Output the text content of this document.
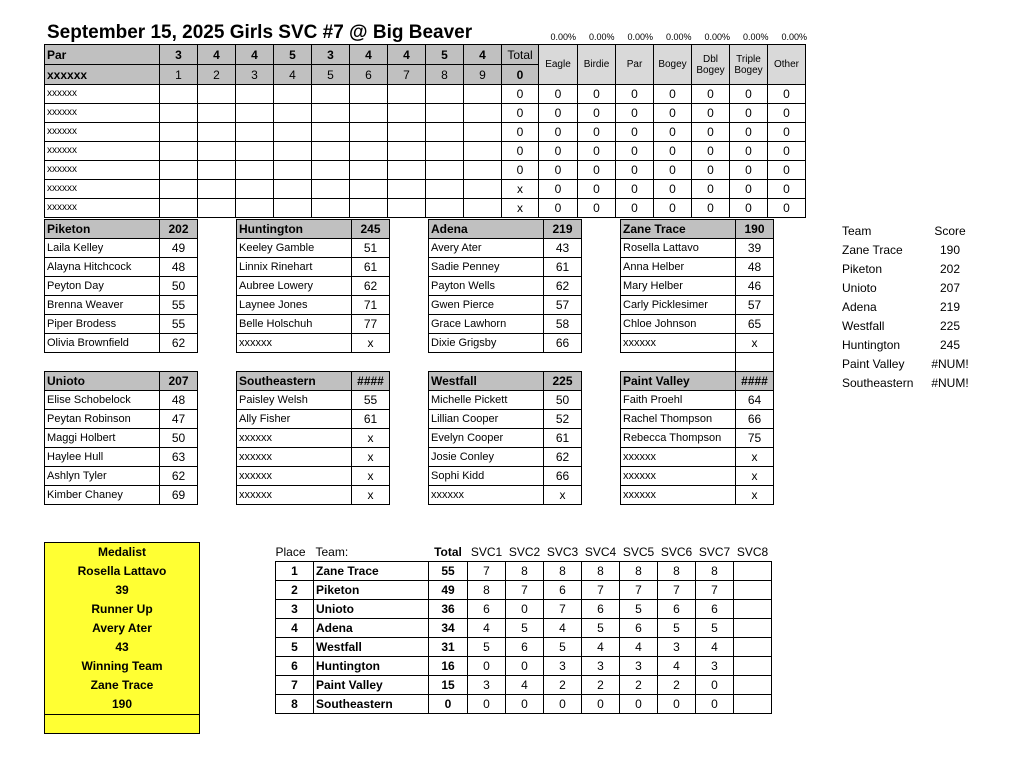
September 15, 2025 Girls SVC #7 @ Big Beaver	0.00%	0.00%	0.00%	0.00%	0.00%	0.00%	0.00%
Par	3	4	4	5	3	4	4	5	4	Total	Eagle	Birdie	Par	Bogey	Dbl Bogey	Triple Bogey	Other
xxxxxx	1	2	3	4	5	6	7	8	9	0							
xxxxxx										0	0	0	0	0	0	0	0
xxxxxx										0	0	0	0	0	0	0	0
xxxxxx										0	0	0	0	0	0	0	0
xxxxxx										0	0	0	0	0	0	0	0
xxxxxx										0	0	0	0	0	0	0	0
xxxxxx										x	0	0	0	0	0	0	0
xxxxxx										x	0	0	0	0	0	0	0
Piketon	202
Laila Kelley	49
Alayna Hitchcock	48
Peyton Day	50
Brenna Weaver	55
Piper Brodess	55
Olivia Brownfield	62
Huntington	245
Keeley Gamble	51
Linnix Rinehart	61
Aubree Lowery	62
Laynee Jones	71
Belle Holschuh	77
xxxxxx	x
Adena	219
Avery Ater	43
Sadie Penney	61
Payton Wells	62
Gwen Pierce	57
Grace Lawhorn	58
Dixie Grigsby	66
Zane Trace	190
Rosella Lattavo	39
Anna Helber	48
Mary Helber	46
Carly Picklesimer	57
Chloe Johnson	65
xxxxxx	x

Unioto	207
Elise Schobelock	48
Peytan Robinson	47
Maggi Holbert	50
Haylee Hull	63
Ashlyn Tyler	62
Kimber Chaney	69
Southeastern	####
Paisley Welsh	55
Ally Fisher	61
xxxxxx	x
xxxxxx	x
xxxxxx	x
xxxxxx	x
Westfall	225
Michelle Pickett	50
Lillian Cooper	52
Evelyn Cooper	61
Josie Conley	62
Sophi Kidd	66
xxxxxx	x
Paint Valley	####
Faith Proehl	64
Rachel Thompson	66
Rebecca Thompson	75
xxxxxx	x
xxxxxx	x
xxxxxx	x
Team	Score
Zane Trace	190
Piketon	202
Unioto	207
Adena	219
Westfall	225
Huntington	245
Paint Valley	#NUM!
Southeastern	#NUM!
Medalist
Rosella Lattavo
39
Runner Up
Avery Ater
43
Winning Team
Zane Trace
190
Place	Team:	Total	SVC1	SVC2	SVC3	SVC4	SVC5	SVC6	SVC7	SVC8
1	Zane Trace	55	7	8	8	8	8	8	8	
2	Piketon	49	8	7	6	7	7	7	7	
3	Unioto	36	6	0	7	6	5	6	6	
4	Adena	34	4	5	4	5	6	5	5	
5	Westfall	31	5	6	5	4	4	3	4	
6	Huntington	16	0	0	3	3	3	4	3	
7	Paint Valley	15	3	4	2	2	2	2	0	
8	Southeastern	0	0	0	0	0	0	0	0	
